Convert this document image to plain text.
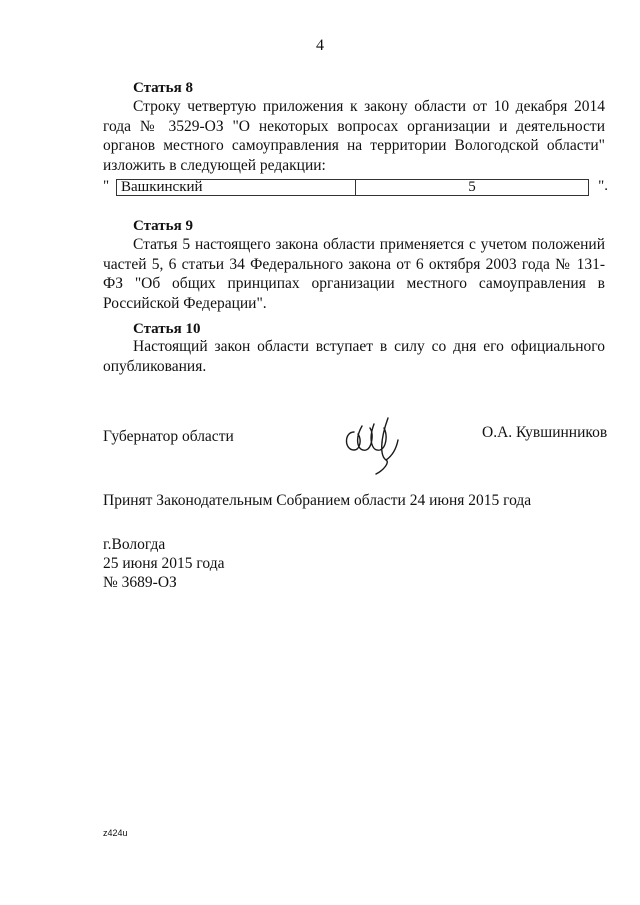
4
Статья 8
Строку четвертую приложения к закону области от 10 декабря 2014 года № 3529-ОЗ "О некоторых вопросах организации и деятельности органов местного самоуправления на территории Вологодской области" изложить в следующей редакции:
" Вашкинский	5	".
Статья 9
Статья 5 настоящего закона области применяется с учетом положений частей 5, 6 статьи 34 Федерального закона от 6 октября 2003 года № 131-ФЗ "Об общих принципах организации местного самоуправления в Российской Федерации".
Статья 10
Настоящий закон области вступает в силу со дня его официального опубликования.
Губернатор области	О.А. Кувшинников
Принят Законодательным Собранием области 24 июня 2015 года
г.Вологда
25 июня 2015 года
№ 3689-ОЗ
z424u
